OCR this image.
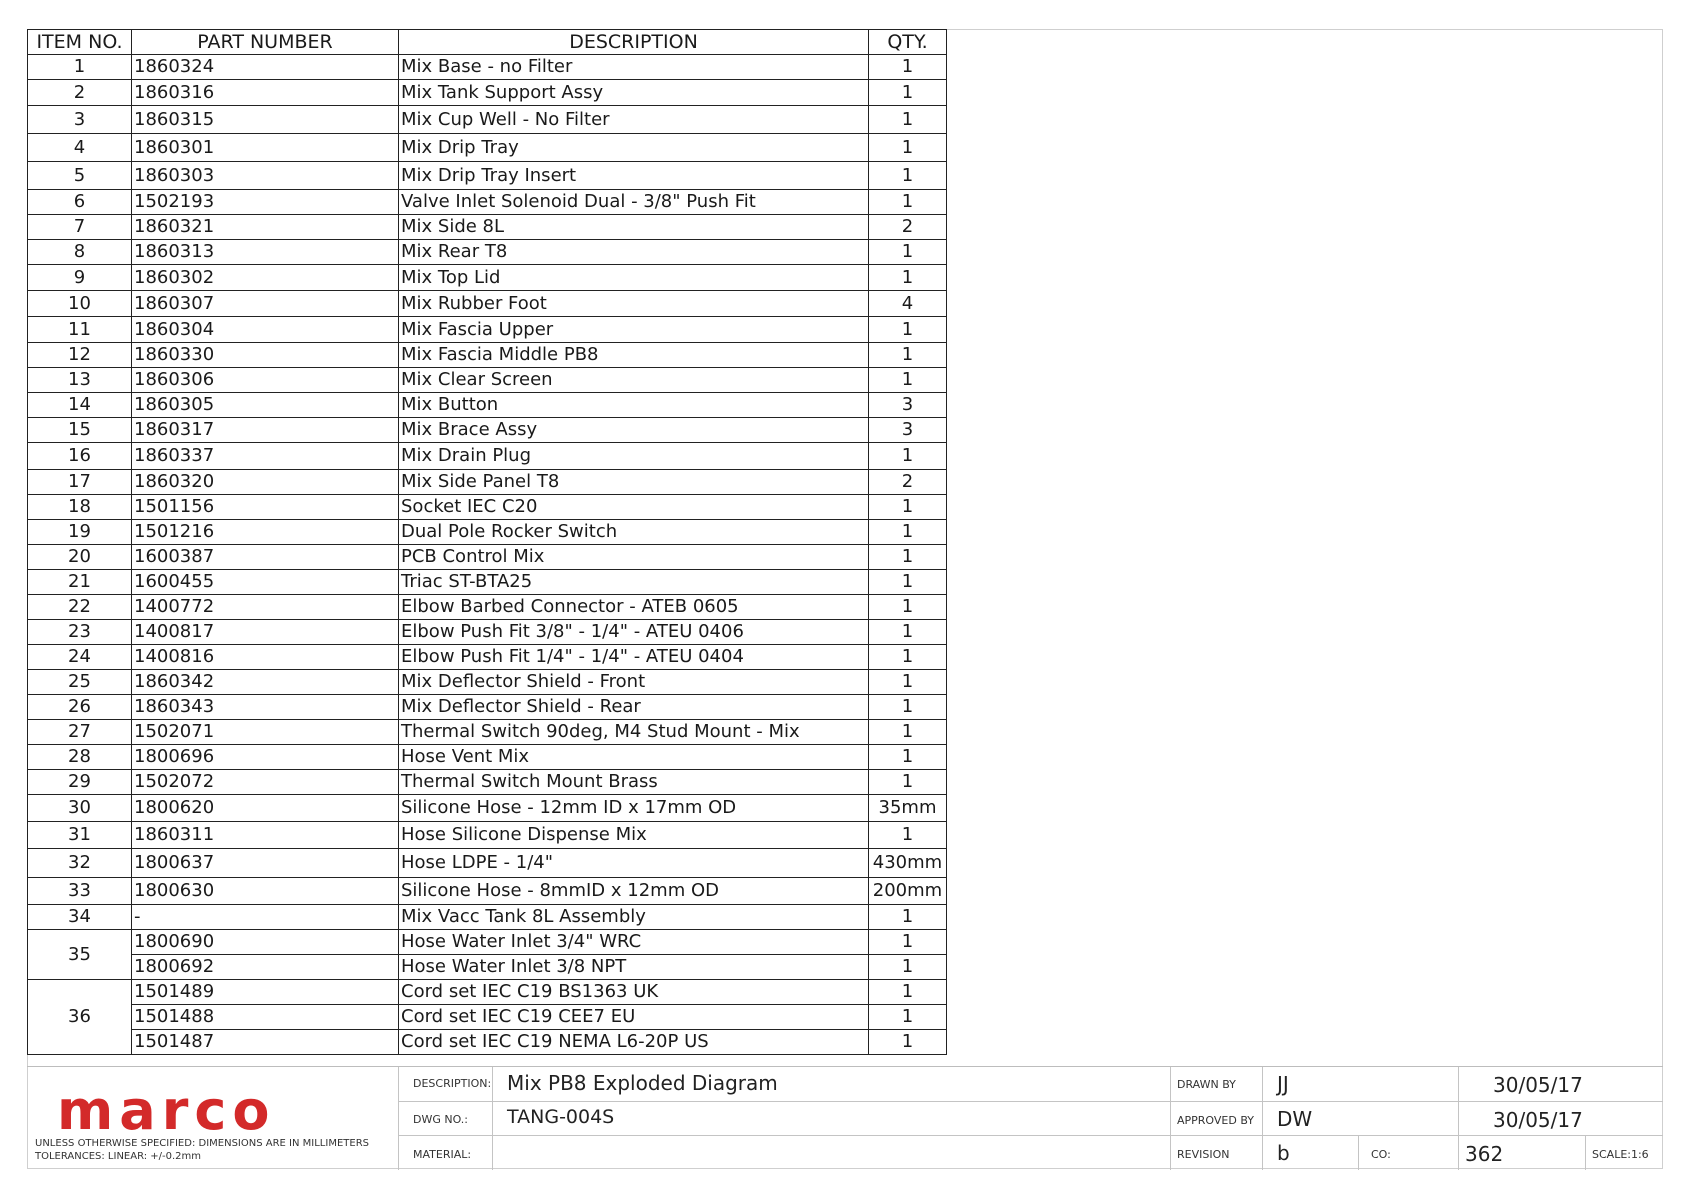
ITEM NO.	PART NUMBER	DESCRIPTION	QTY.
1	1860324	Mix Base - no Filter	1
2	1860316	Mix Tank Support Assy	1
3	1860315	Mix Cup Well - No Filter	1
4	1860301	Mix Drip Tray	1
5	1860303	Mix Drip Tray Insert	1
6	1502193	Valve Inlet Solenoid Dual - 3/8" Push Fit	1
7	1860321	Mix Side 8L	2
8	1860313	Mix Rear T8	1
9	1860302	Mix Top Lid	1
10	1860307	Mix Rubber Foot	4
11	1860304	Mix Fascia Upper	1
12	1860330	Mix Fascia Middle PB8	1
13	1860306	Mix Clear Screen	1
14	1860305	Mix Button	3
15	1860317	Mix Brace Assy	3
16	1860337	Mix Drain Plug	1
17	1860320	Mix Side Panel T8	2
18	1501156	Socket IEC C20	1
19	1501216	Dual Pole Rocker Switch	1
20	1600387	PCB Control Mix	1
21	1600455	Triac ST-BTA25	1
22	1400772	Elbow Barbed Connector - ATEB 0605	1
23	1400817	Elbow Push Fit 3/8" - 1/4" - ATEU 0406	1
24	1400816	Elbow Push Fit 1/4" - 1/4" - ATEU 0404	1
25	1860342	Mix Deflector Shield - Front	1
26	1860343	Mix Deflector Shield - Rear	1
27	1502071	Thermal Switch 90deg, M4 Stud Mount - Mix	1
28	1800696	Hose Vent Mix	1
29	1502072	Thermal Switch Mount Brass	1
30	1800620	Silicone Hose - 12mm ID x 17mm OD	35mm
31	1860311	Hose Silicone Dispense Mix	1
32	1800637	Hose LDPE - 1/4"	430mm
33	1800630	Silicone Hose - 8mmID x 12mm OD	200mm
34	-	Mix Vacc Tank 8L Assembly	1
35	1800690	Hose Water Inlet 3/4" WRC	1
	1800692	Hose Water Inlet 3/8 NPT	1
36	1501489	Cord set IEC C19 BS1363 UK	1
	1501488	Cord set IEC C19 CEE7 EU	1
	1501487	Cord set IEC C19 NEMA L6-20P US	1
marco
UNLESS OTHERWISE SPECIFIED: DIMENSIONS ARE IN MILLIMETERS
TOLERANCES: LINEAR: +/-0.2mm
DESCRIPTION: Mix PB8 Exploded Diagram
DWG NO.: TANG-004S
MATERIAL:
DRAWN BY JJ	30/05/17
APPROVED BY DW	30/05/17
REVISION b	CO:	362	SCALE:1:6
